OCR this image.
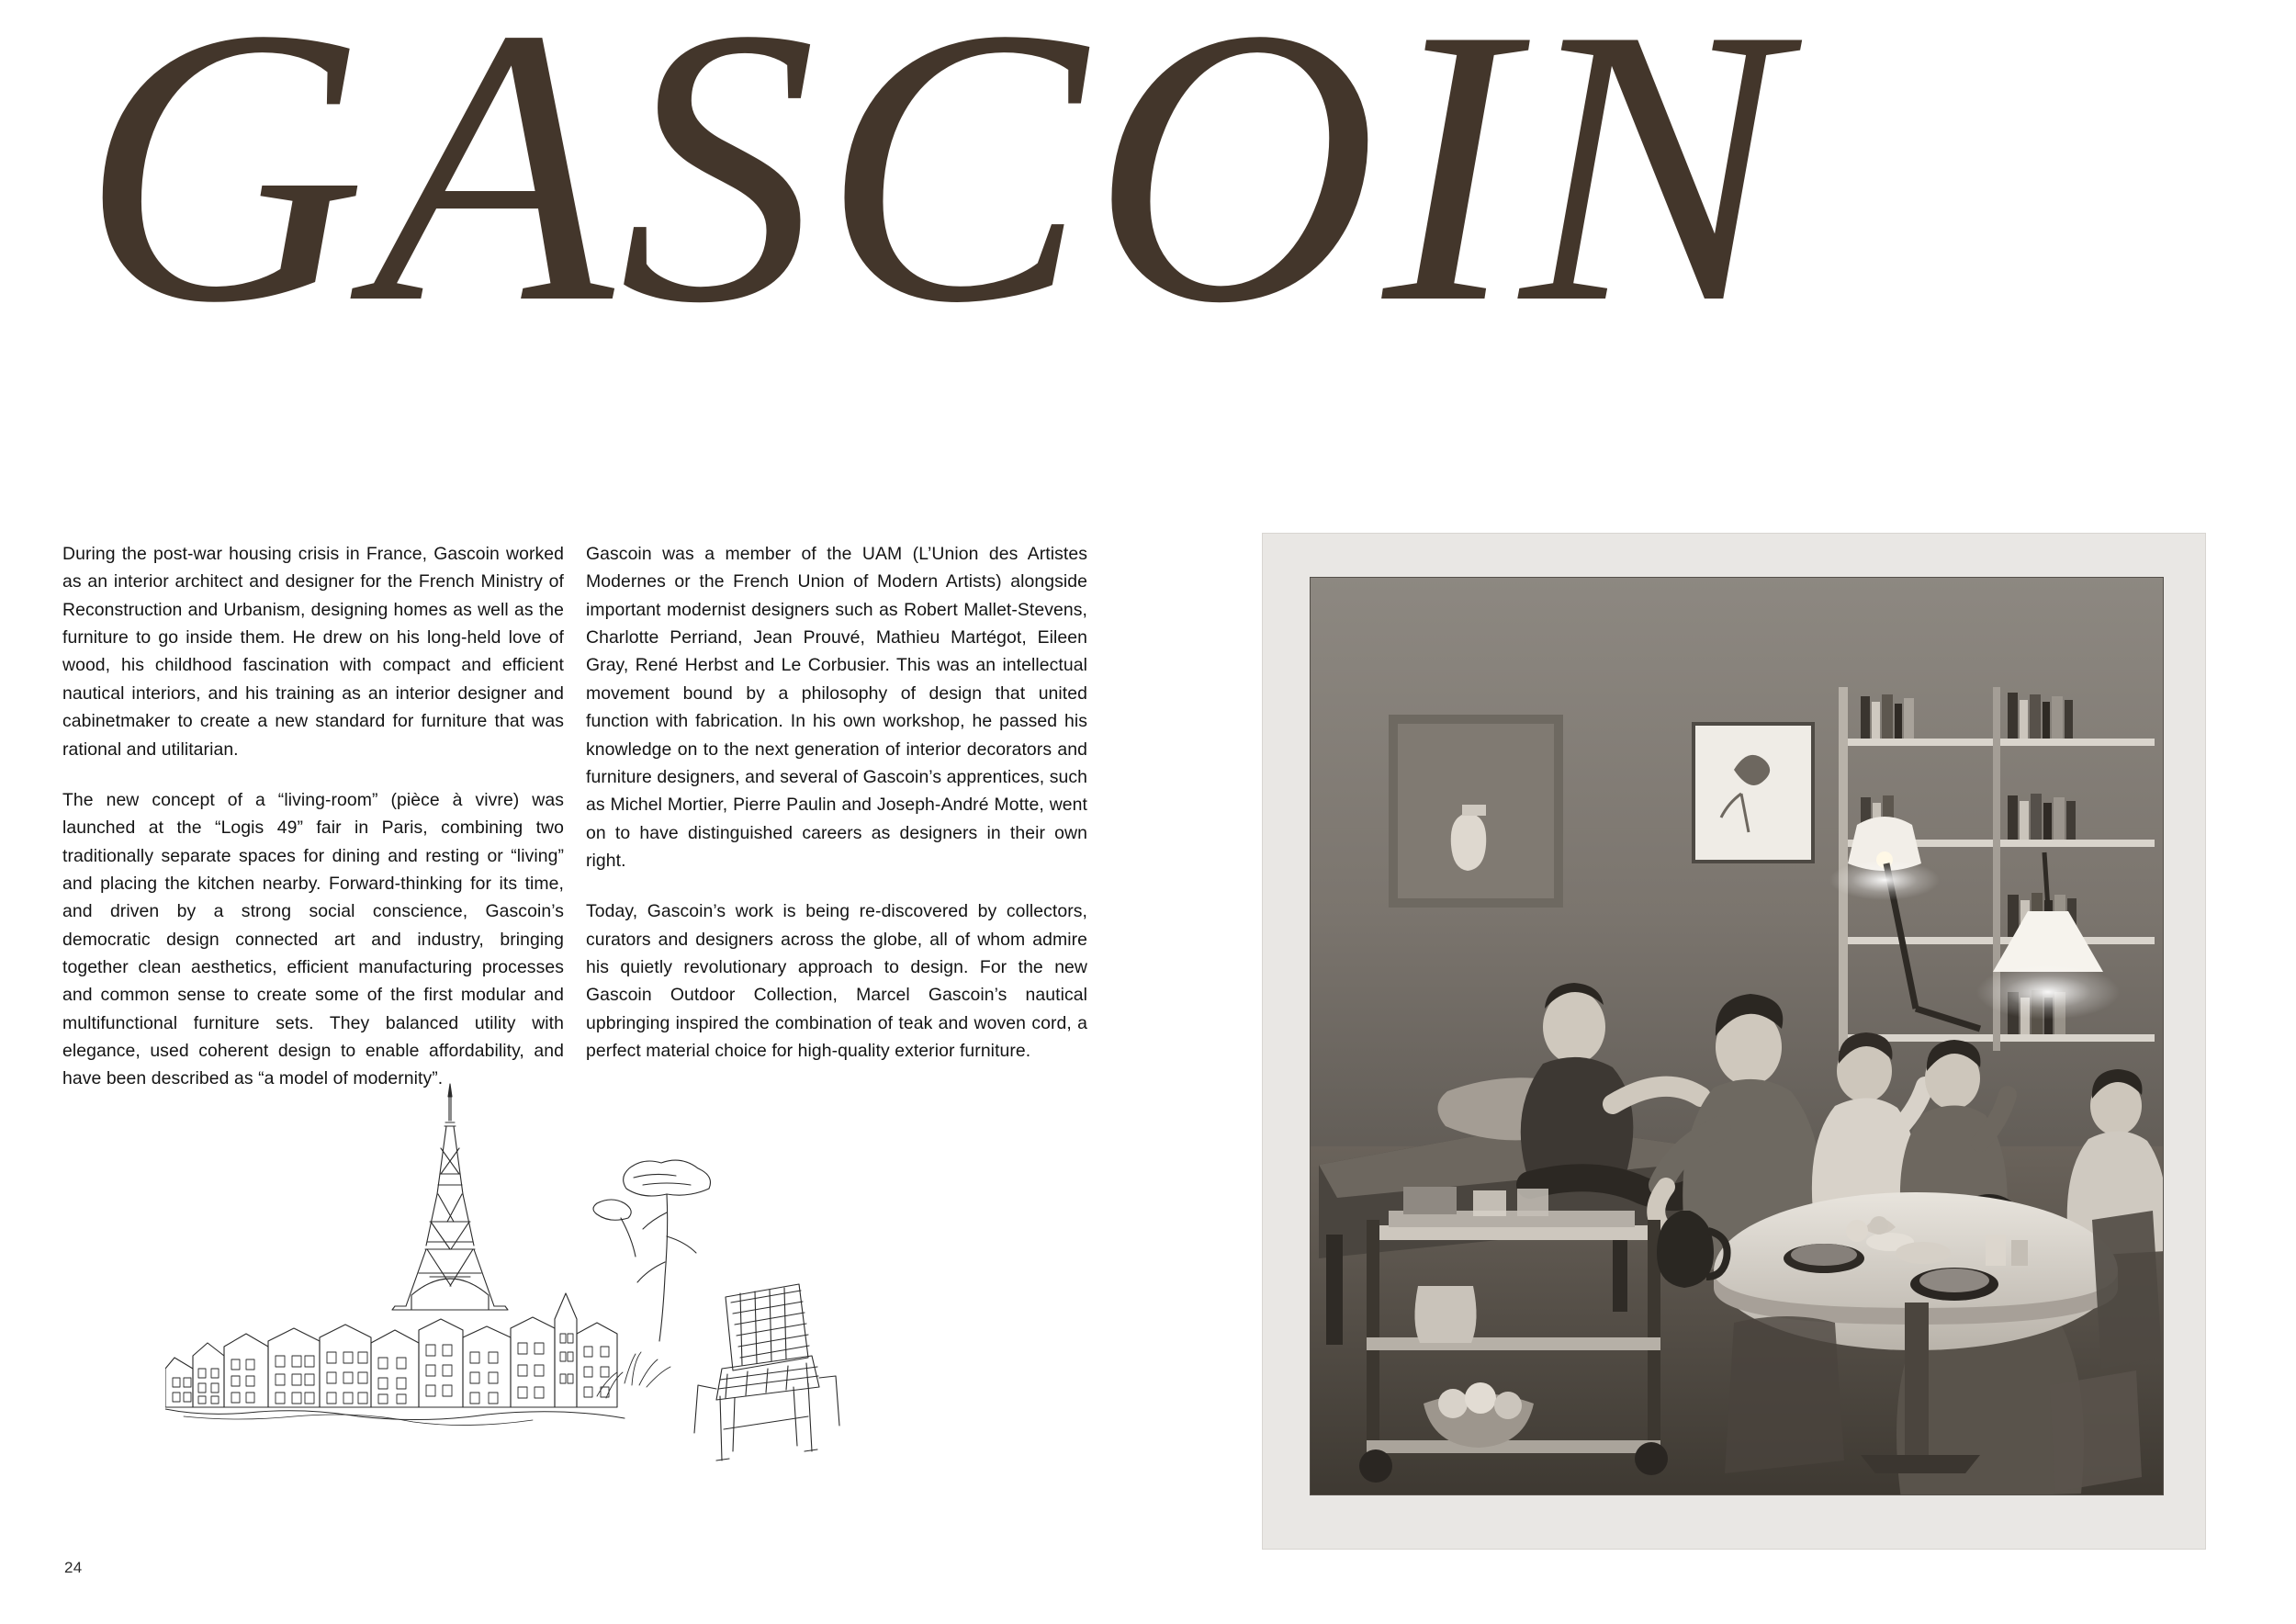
GASCOIN

During the post-war housing crisis in France, Gascoin worked as an interior architect and designer for the French Ministry of Reconstruction and Urbanism, designing homes as well as the furniture to go inside them. He drew on his long-held love of wood, his childhood fascination with compact and efficient nautical interiors, and his training as an interior designer and cabinetmaker to create a new standard for furniture that was rational and utilitarian.

The new concept of a “living-room” (pièce à vivre) was launched at the “Logis 49” fair in Paris, combining two traditionally separate spaces for dining and resting or “living” and placing the kitchen nearby. Forward-thinking for its time, and driven by a strong social conscience, Gascoin’s democratic design connected art and industry, bringing together clean aesthetics, efficient manufacturing processes and common sense to create some of the first modular and multifunctional furniture sets. They balanced utility with elegance, used coherent design to enable affordability, and have been described as “a model of modernity”.

Gascoin was a member of the UAM (L’Union des Artistes Modernes or the French Union of Modern Artists) alongside important modernist designers such as Robert Mallet-Stevens, Charlotte Perriand, Jean Prouvé, Mathieu Martégot, Eileen Gray, René Herbst and Le Corbusier. This was an intellectual movement bound by a philosophy of design that united function with fabrication. In his own workshop, he passed his knowledge on to the next generation of interior decorators and furniture designers, and several of Gascoin’s apprentices, such as Michel Mortier, Pierre Paulin and Joseph-André Motte, went on to have distinguished careers as designers in their own right.

Today, Gascoin’s work is being re-discovered by collectors, curators and designers across the globe, all of whom admire his quietly revolutionary approach to design. For the new Gascoin Outdoor Collection, Marcel Gascoin’s nautical upbringing inspired the combination of teak and woven cord, a perfect material choice for high-quality exterior furniture.

24
